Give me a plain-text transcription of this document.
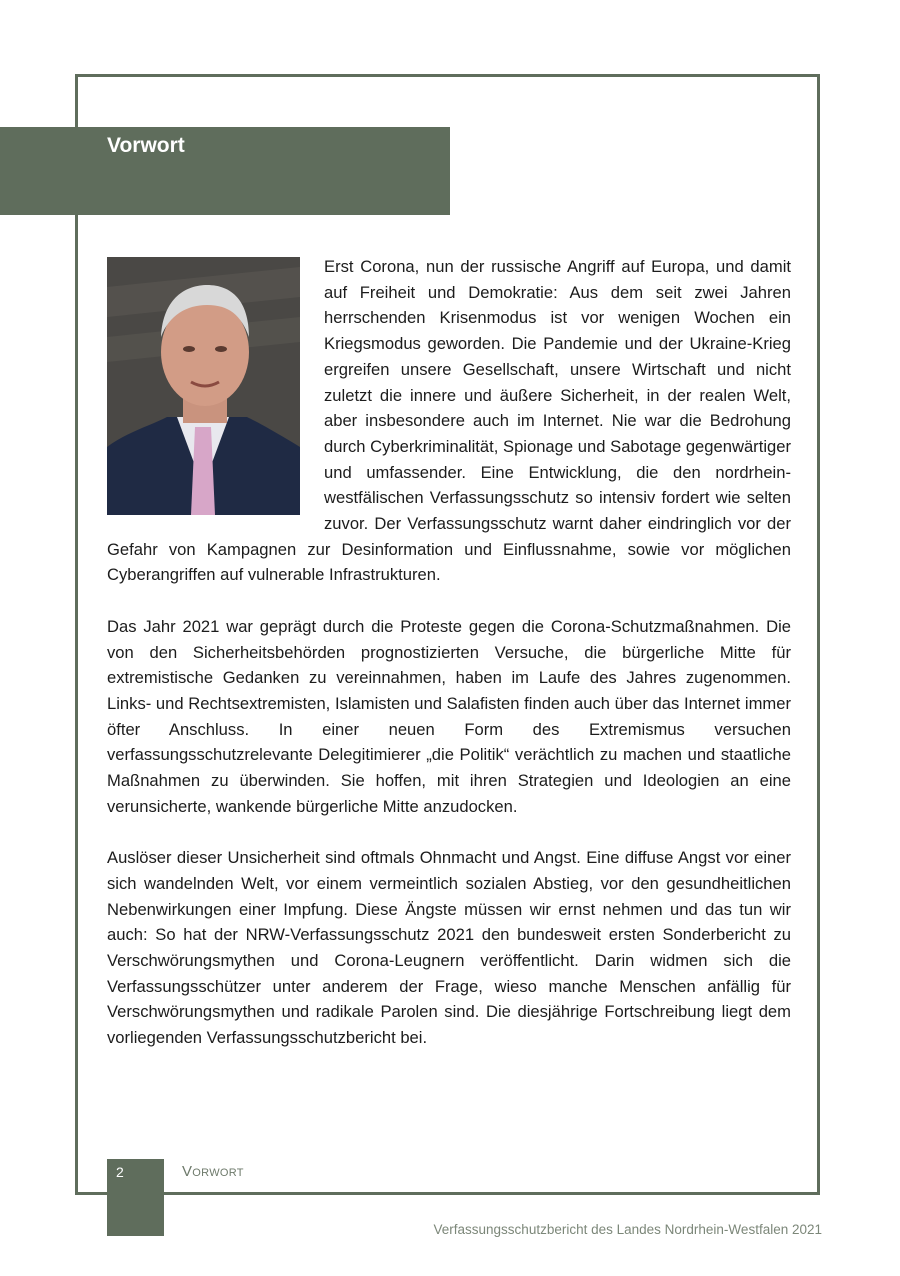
Vorwort

Erst Corona, nun der russische Angriff auf Europa, und damit auf Freiheit und Demokratie: Aus dem seit zwei Jahren herrschenden Krisenmodus ist vor wenigen Wochen ein Kriegsmodus geworden. Die Pandemie und der Ukraine-Krieg ergreifen unsere Gesellschaft, unsere Wirtschaft und nicht zuletzt die innere und äußere Sicherheit, in der realen Welt, aber insbesondere auch im Internet. Nie war die Bedrohung durch Cyberkriminalität, Spionage und Sabotage gegenwärtiger und umfassender. Eine Entwicklung, die den nordrhein-westfälischen Verfassungsschutz so intensiv fordert wie selten zuvor. Der Verfassungsschutz warnt daher eindringlich vor der Gefahr von Kampagnen zur Desinformation und Einflussnahme, sowie vor möglichen Cyberangriffen auf vulnerable Infrastrukturen.

Das Jahr 2021 war geprägt durch die Proteste gegen die Corona-Schutzmaßnahmen. Die von den Sicherheitsbehörden prognostizierten Versuche, die bürgerliche Mitte für extremistische Gedanken zu vereinnahmen, haben im Laufe des Jahres zugenommen. Links- und Rechtsextremisten, Islamisten und Salafisten finden auch über das Internet immer öfter Anschluss. In einer neuen Form des Extremismus versuchen verfassungsschutzrelevante Delegitimierer „die Politik“ verächtlich zu machen und staatliche Maßnahmen zu überwinden. Sie hoffen, mit ihren Strategien und Ideologien an eine verunsicherte, wankende bürgerliche Mitte anzudocken.

Auslöser dieser Unsicherheit sind oftmals Ohnmacht und Angst. Eine diffuse Angst vor einer sich wandelnden Welt, vor einem vermeintlich sozialen Abstieg, vor den gesundheitlichen Nebenwirkungen einer Impfung. Diese Ängste müssen wir ernst nehmen und das tun wir auch: So hat der NRW-Verfassungsschutz 2021 den bundesweit ersten Sonderbericht zu Verschwörungsmythen und Corona-Leugnern veröffentlicht. Darin widmen sich die Verfassungsschützer unter anderem der Frage, wieso manche Menschen anfällig für Verschwörungsmythen und radikale Parolen sind. Die diesjährige Fortschreibung liegt dem vorliegenden Verfassungsschutzbericht bei.

2	Vorwort
Verfassungsschutzbericht des Landes Nordrhein-Westfalen 2021
